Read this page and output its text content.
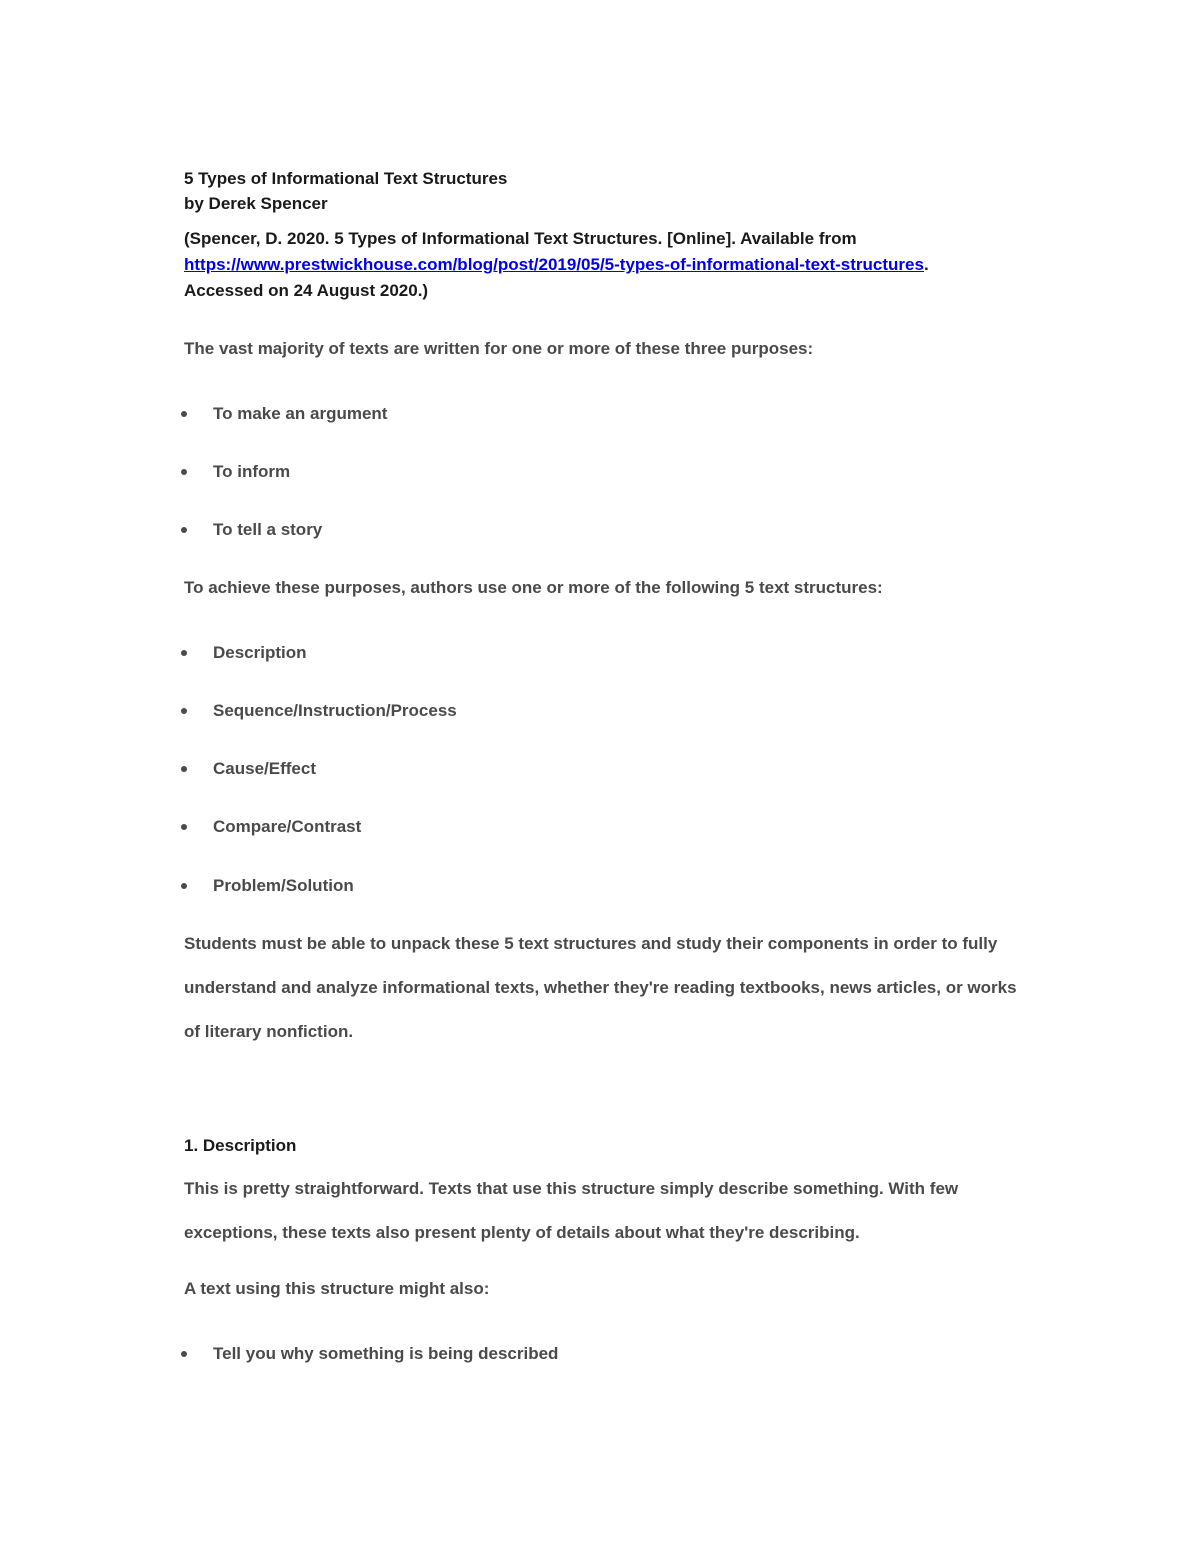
5 Types of Informational Text Structures

by Derek Spencer

(Spencer, D. 2020. 5 Types of Informational Text Structures. [Online]. Available from
https://www.prestwickhouse.com/blog/post/2019/05/5-types-of-informational-text-structures.
Accessed on 24 August 2020.)

The vast majority of texts are written for one or more of these three purposes:

To make an argument
To inform
To tell a story

To achieve these purposes, authors use one or more of the following 5 text structures:

Description
Sequence/Instruction/Process
Cause/Effect
Compare/Contrast
Problem/Solution

Students must be able to unpack these 5 text structures and study their components in order to fully understand and analyze informational texts, whether they're reading textbooks, news articles, or works of literary nonfiction.

1. Description

This is pretty straightforward. Texts that use this structure simply describe something. With few exceptions, these texts also present plenty of details about what they're describing.

A text using this structure might also:

Tell you why something is being described
